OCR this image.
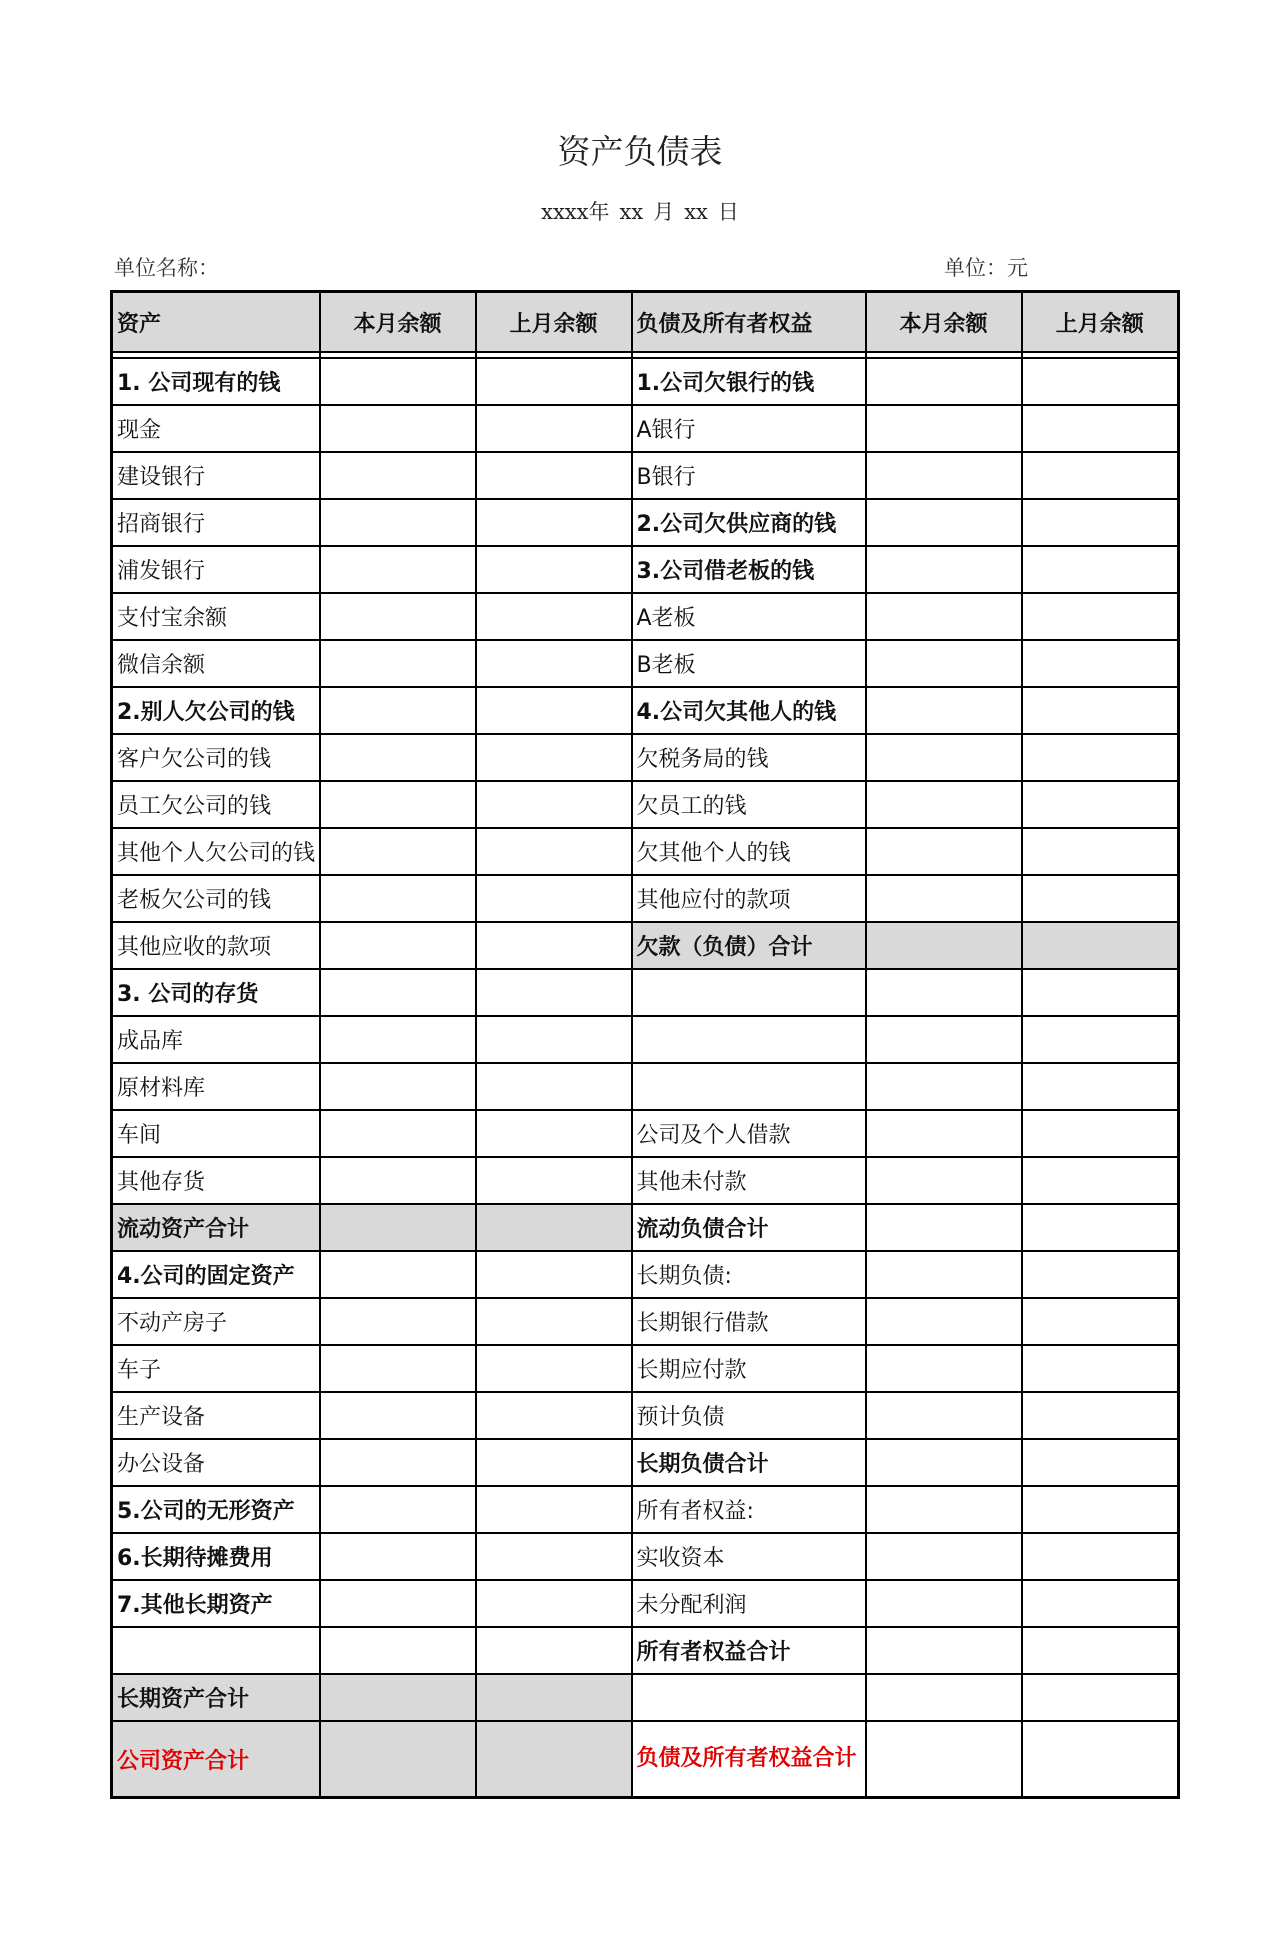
资产负债表
xxxx年 xx 月 xx 日
单位名称：	单位：元
资产	本月余额	上月余额	负债及所有者权益	本月余额	上月余额

1. 公司现有的钱			1.公司欠银行的钱		
现金			A银行		
建设银行			B银行		
招商银行			2.公司欠供应商的钱		
浦发银行			3.公司借老板的钱		
支付宝余额			A老板		
微信余额			B老板		
2.别人欠公司的钱			4.公司欠其他人的钱		
客户欠公司的钱			欠税务局的钱		
员工欠公司的钱			欠员工的钱		
其他个人欠公司的钱			欠其他个人的钱		
老板欠公司的钱			其他应付的款项		
其他应收的款项			欠款（负债）合计		
3. 公司的存货					
成品库					
原材料库					
车间			公司及个人借款		
其他存货			其他未付款		
流动资产合计			流动负债合计		
4.公司的固定资产			长期负债:		
不动产房子			长期银行借款		
车子			长期应付款		
生产设备			预计负债		
办公设备			长期负债合计		
5.公司的无形资产			所有者权益:		
6.长期待摊费用			实收资本		
7.其他长期资产			未分配利润		
			所有者权益合计		
长期资产合计					
公司资产合计			负债及所有者权益合计		
